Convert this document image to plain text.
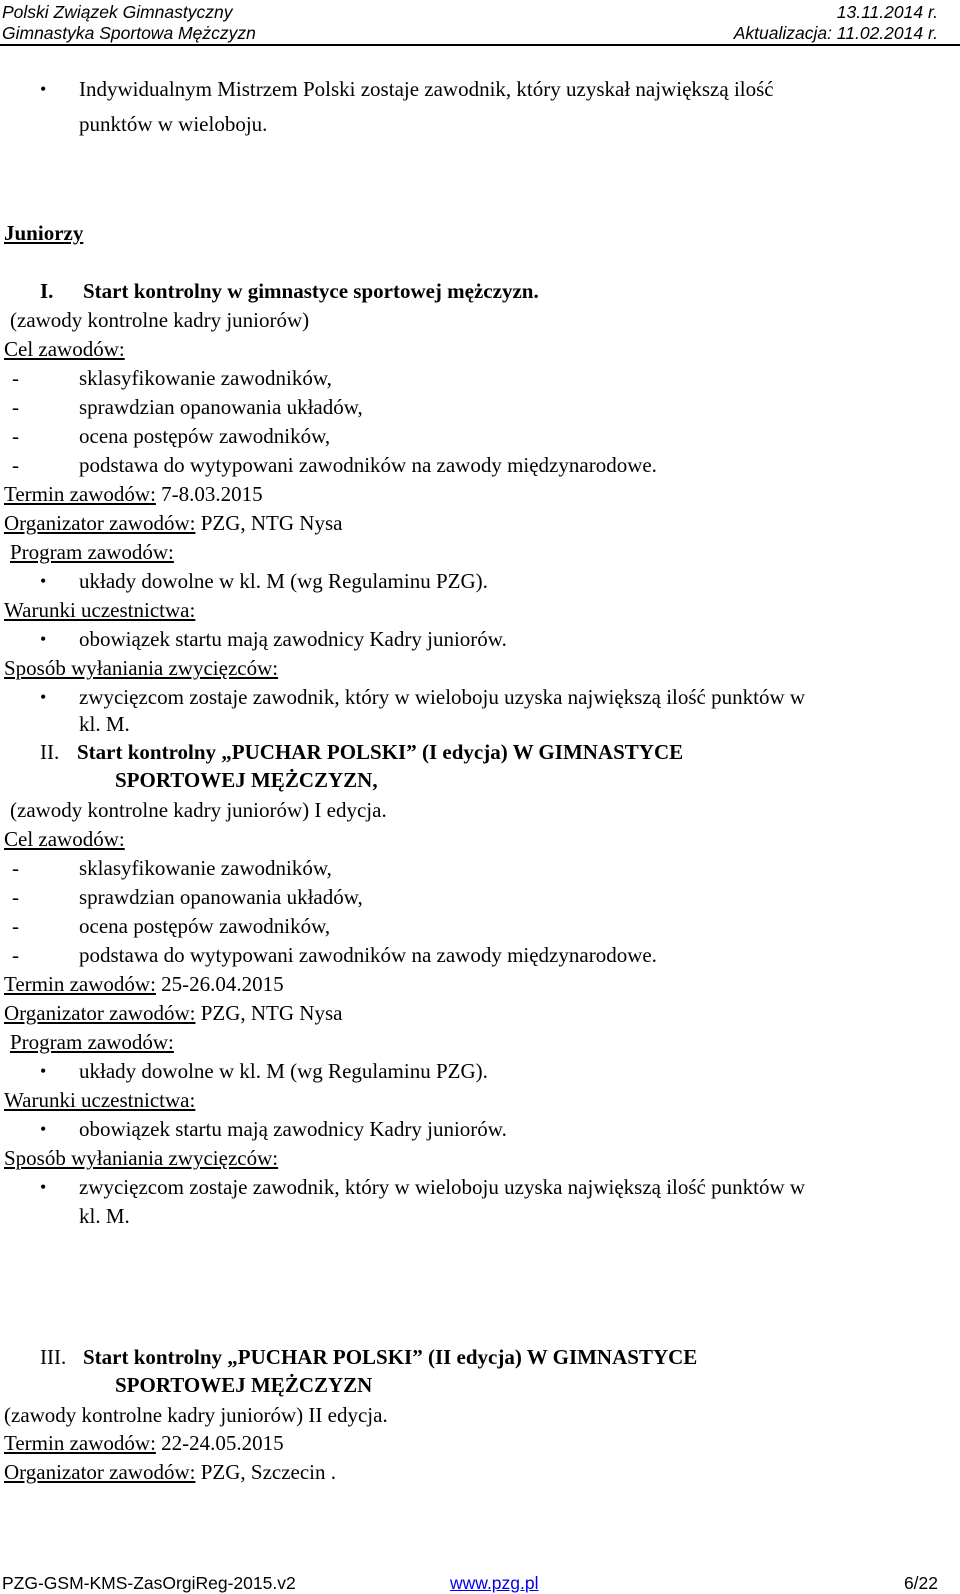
Polski Związek Gimnastyczny
Gimnastyka Sportowa Mężczyzn
13.11.2014 r.
Aktualizacja: 11.02.2014 r.
• Indywidualnym Mistrzem Polski zostaje zawodnik, który uzyskał największą ilość
punktów w wieloboju.
Juniorzy
I. Start kontrolny w gimnastyce sportowej mężczyzn.
(zawody kontrolne kadry juniorów)
Cel zawodów:
-	sklasyfikowanie zawodników,
-	sprawdzian opanowania układów,
-	ocena postępów zawodników,
-	podstawa do wytypowani zawodników na zawody międzynarodowe.
Termin zawodów: 7-8.03.2015
Organizator zawodów: PZG, NTG Nysa
Program zawodów:
• układy dowolne w kl. M (wg Regulaminu PZG).
Warunki uczestnictwa:
• obowiązek startu mają zawodnicy Kadry juniorów.
Sposób wyłaniania zwycięzców:
• zwycięzcom zostaje zawodnik, który w wieloboju uzyska największą ilość punktów w
kl. M.
II. Start kontrolny „PUCHAR POLSKI” (I edycja) W GIMNASTYCE
SPORTOWEJ MĘŻCZYZN,
(zawody kontrolne kadry juniorów) I edycja.
Cel zawodów:
-	sklasyfikowanie zawodników,
-	sprawdzian opanowania układów,
-	ocena postępów zawodników,
-	podstawa do wytypowani zawodników na zawody międzynarodowe.
Termin zawodów: 25-26.04.2015
Organizator zawodów: PZG, NTG Nysa
Program zawodów:
• układy dowolne w kl. M (wg Regulaminu PZG).
Warunki uczestnictwa:
• obowiązek startu mają zawodnicy Kadry juniorów.
Sposób wyłaniania zwycięzców:
• zwycięzcom zostaje zawodnik, który w wieloboju uzyska największą ilość punktów w
kl. M.
III. Start kontrolny „PUCHAR POLSKI” (II edycja) W GIMNASTYCE
SPORTOWEJ MĘŻCZYZN
(zawody kontrolne kadry juniorów) II edycja.
Termin zawodów: 22-24.05.2015
Organizator zawodów: PZG, Szczecin .
PZG-GSM-KMS-ZasOrgiReg-2015.v2	www.pzg.pl	6/22
